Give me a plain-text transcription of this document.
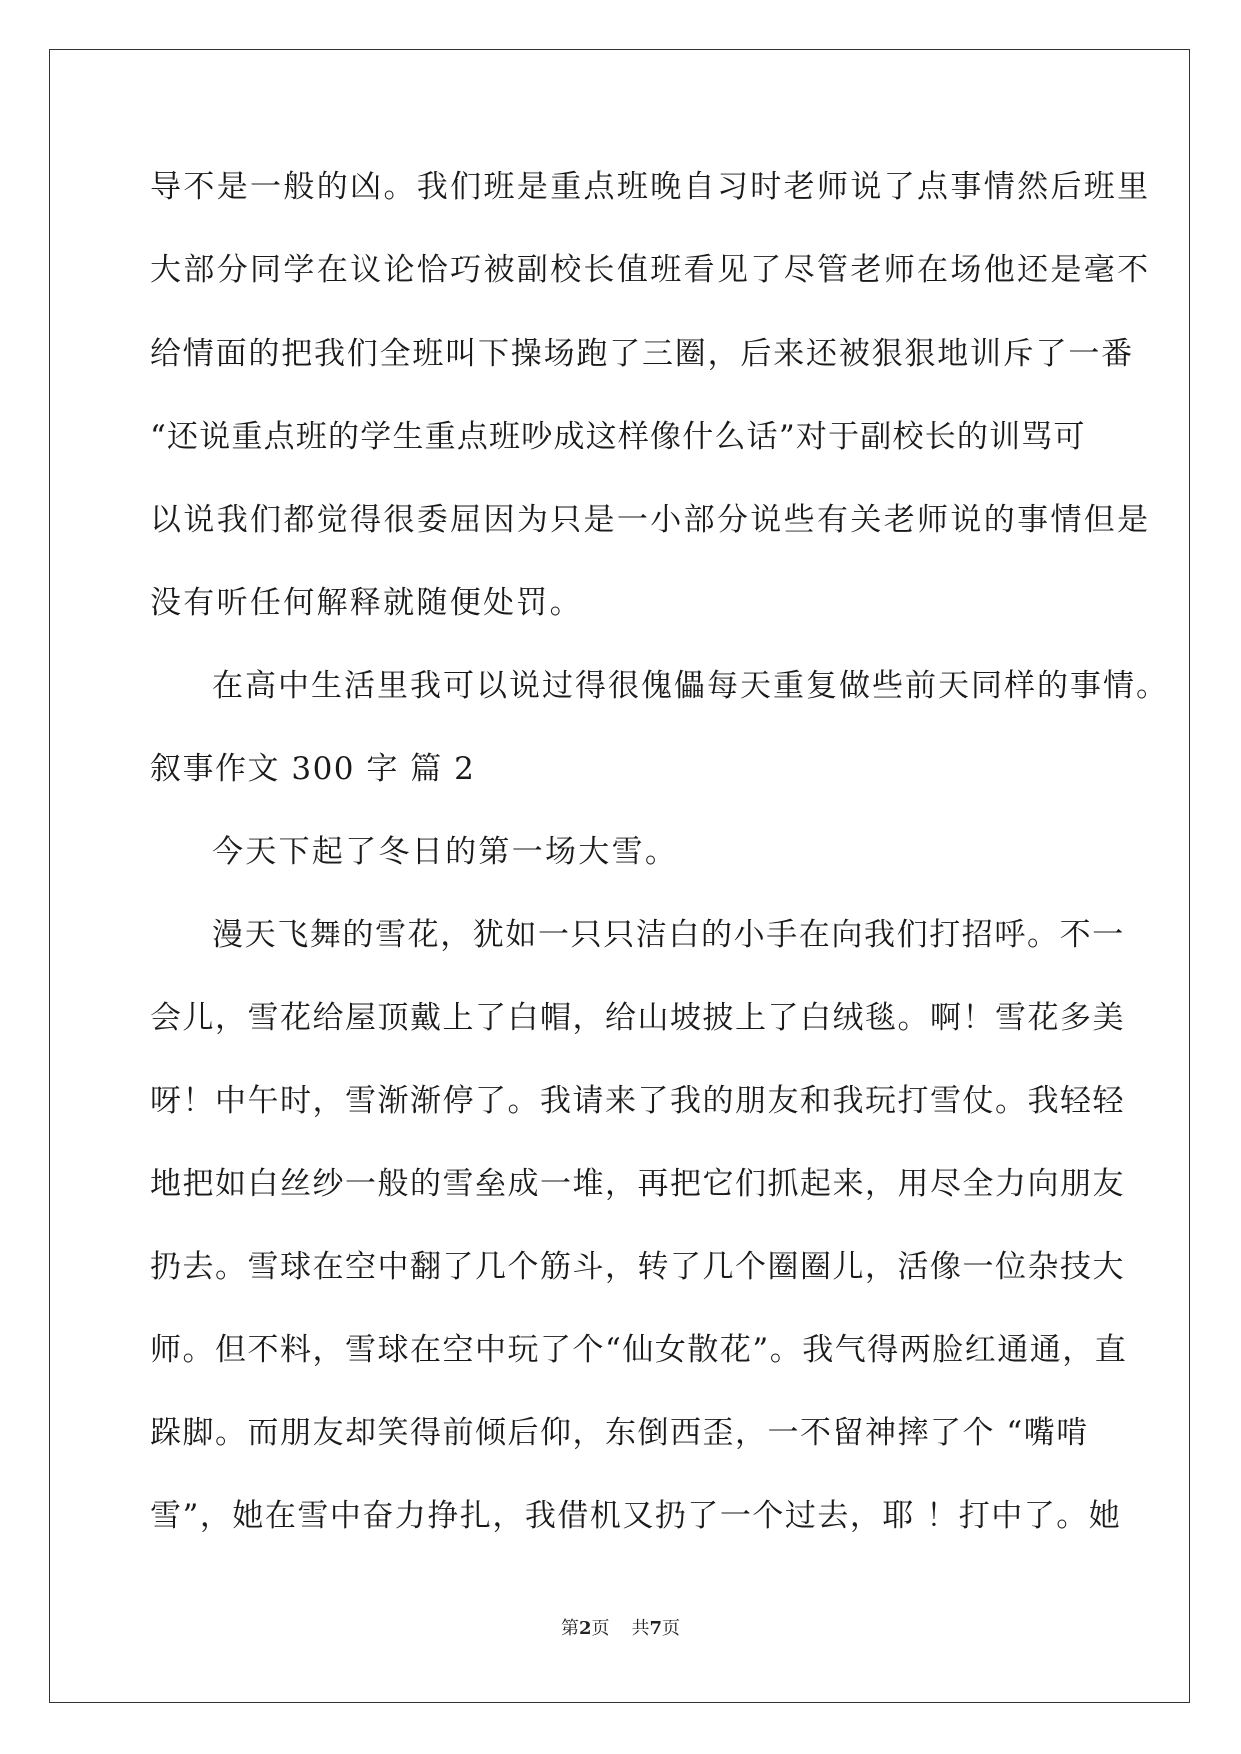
导不是一般的凶。我们班是重点班晚自习时老师说了点事情然后班里
大部分同学在议论恰巧被副校长值班看见了尽管老师在场他还是毫不
给情面的把我们全班叫下操场跑了三圈，后来还被狠狠地训斥了一番
“还说重点班的学生重点班吵成这样像什么话”对于副校长的训骂可
以说我们都觉得很委屈因为只是一小部分说些有关老师说的事情但是
没有听任何解释就随便处罚。
在高中生活里我可以说过得很傀儡每天重复做些前天同样的事情。
叙事作文 300 字 篇 2
今天下起了冬日的第一场大雪。
漫天飞舞的雪花，犹如一只只洁白的小手在向我们打招呼。不一
会儿，雪花给屋顶戴上了白帽，给山坡披上了白绒毯。啊！雪花多美
呀！中午时，雪渐渐停了。我请来了我的朋友和我玩打雪仗。我轻轻
地把如白丝纱一般的雪垒成一堆，再把它们抓起来，用尽全力向朋友
扔去。雪球在空中翻了几个筋斗，转了几个圈圈儿，活像一位杂技大
师。但不料，雪球在空中玩了个“仙女散花”。我气得两脸红通通，直
跺脚。而朋友却笑得前倾后仰，东倒西歪，一不留神摔了个 “嘴啃
雪”，她在雪中奋力挣扎，我借机又扔了一个过去，耶 ！打中了。她
第2页 共7页
